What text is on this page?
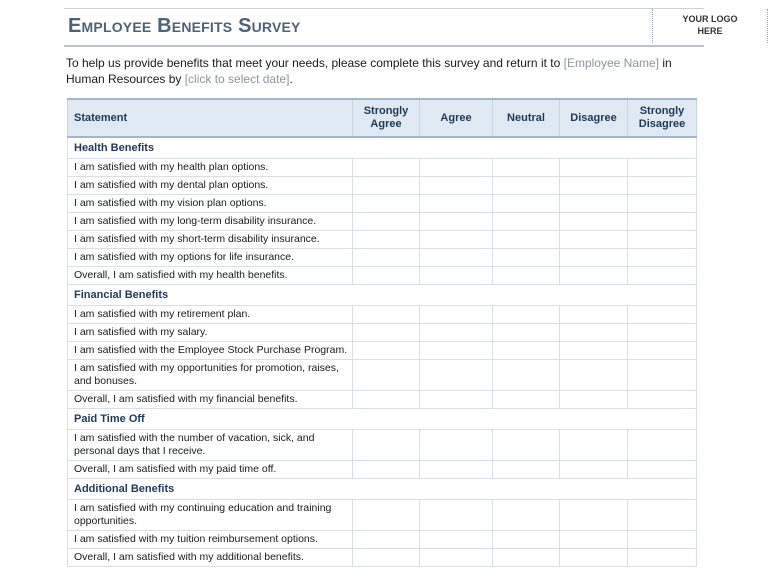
Employee Benefits Survey	YOUR LOGO
HERE
To help us provide benefits that meet your needs, please complete this survey and return it to [Employee Name] in Human Resources by [click to select date].
Statement	Strongly Agree	Agree	Neutral	Disagree	Strongly Disagree
Health Benefits					
I am satisfied with my health plan options.					
I am satisfied with my dental plan options.					
I am satisfied with my vision plan options.					
I am satisfied with my long-term disability insurance.					
I am satisfied with my short-term disability insurance.					
I am satisfied with my options for life insurance.					
Overall, I am satisfied with my health benefits.					
Financial Benefits					
I am satisfied with my retirement plan.					
I am satisfied with my salary.					
I am satisfied with the Employee Stock Purchase Program.					
I am satisfied with my opportunities for promotion, raises, and bonuses.					
Overall, I am satisfied with my financial benefits.					
Paid Time Off					
I am satisfied with the number of vacation, sick, and personal days that I receive.					
Overall, I am satisfied with my paid time off.					
Additional Benefits					
I am satisfied with my continuing education and training opportunities.					
I am satisfied with my tuition reimbursement options.					
Overall, I am satisfied with my additional benefits.					
